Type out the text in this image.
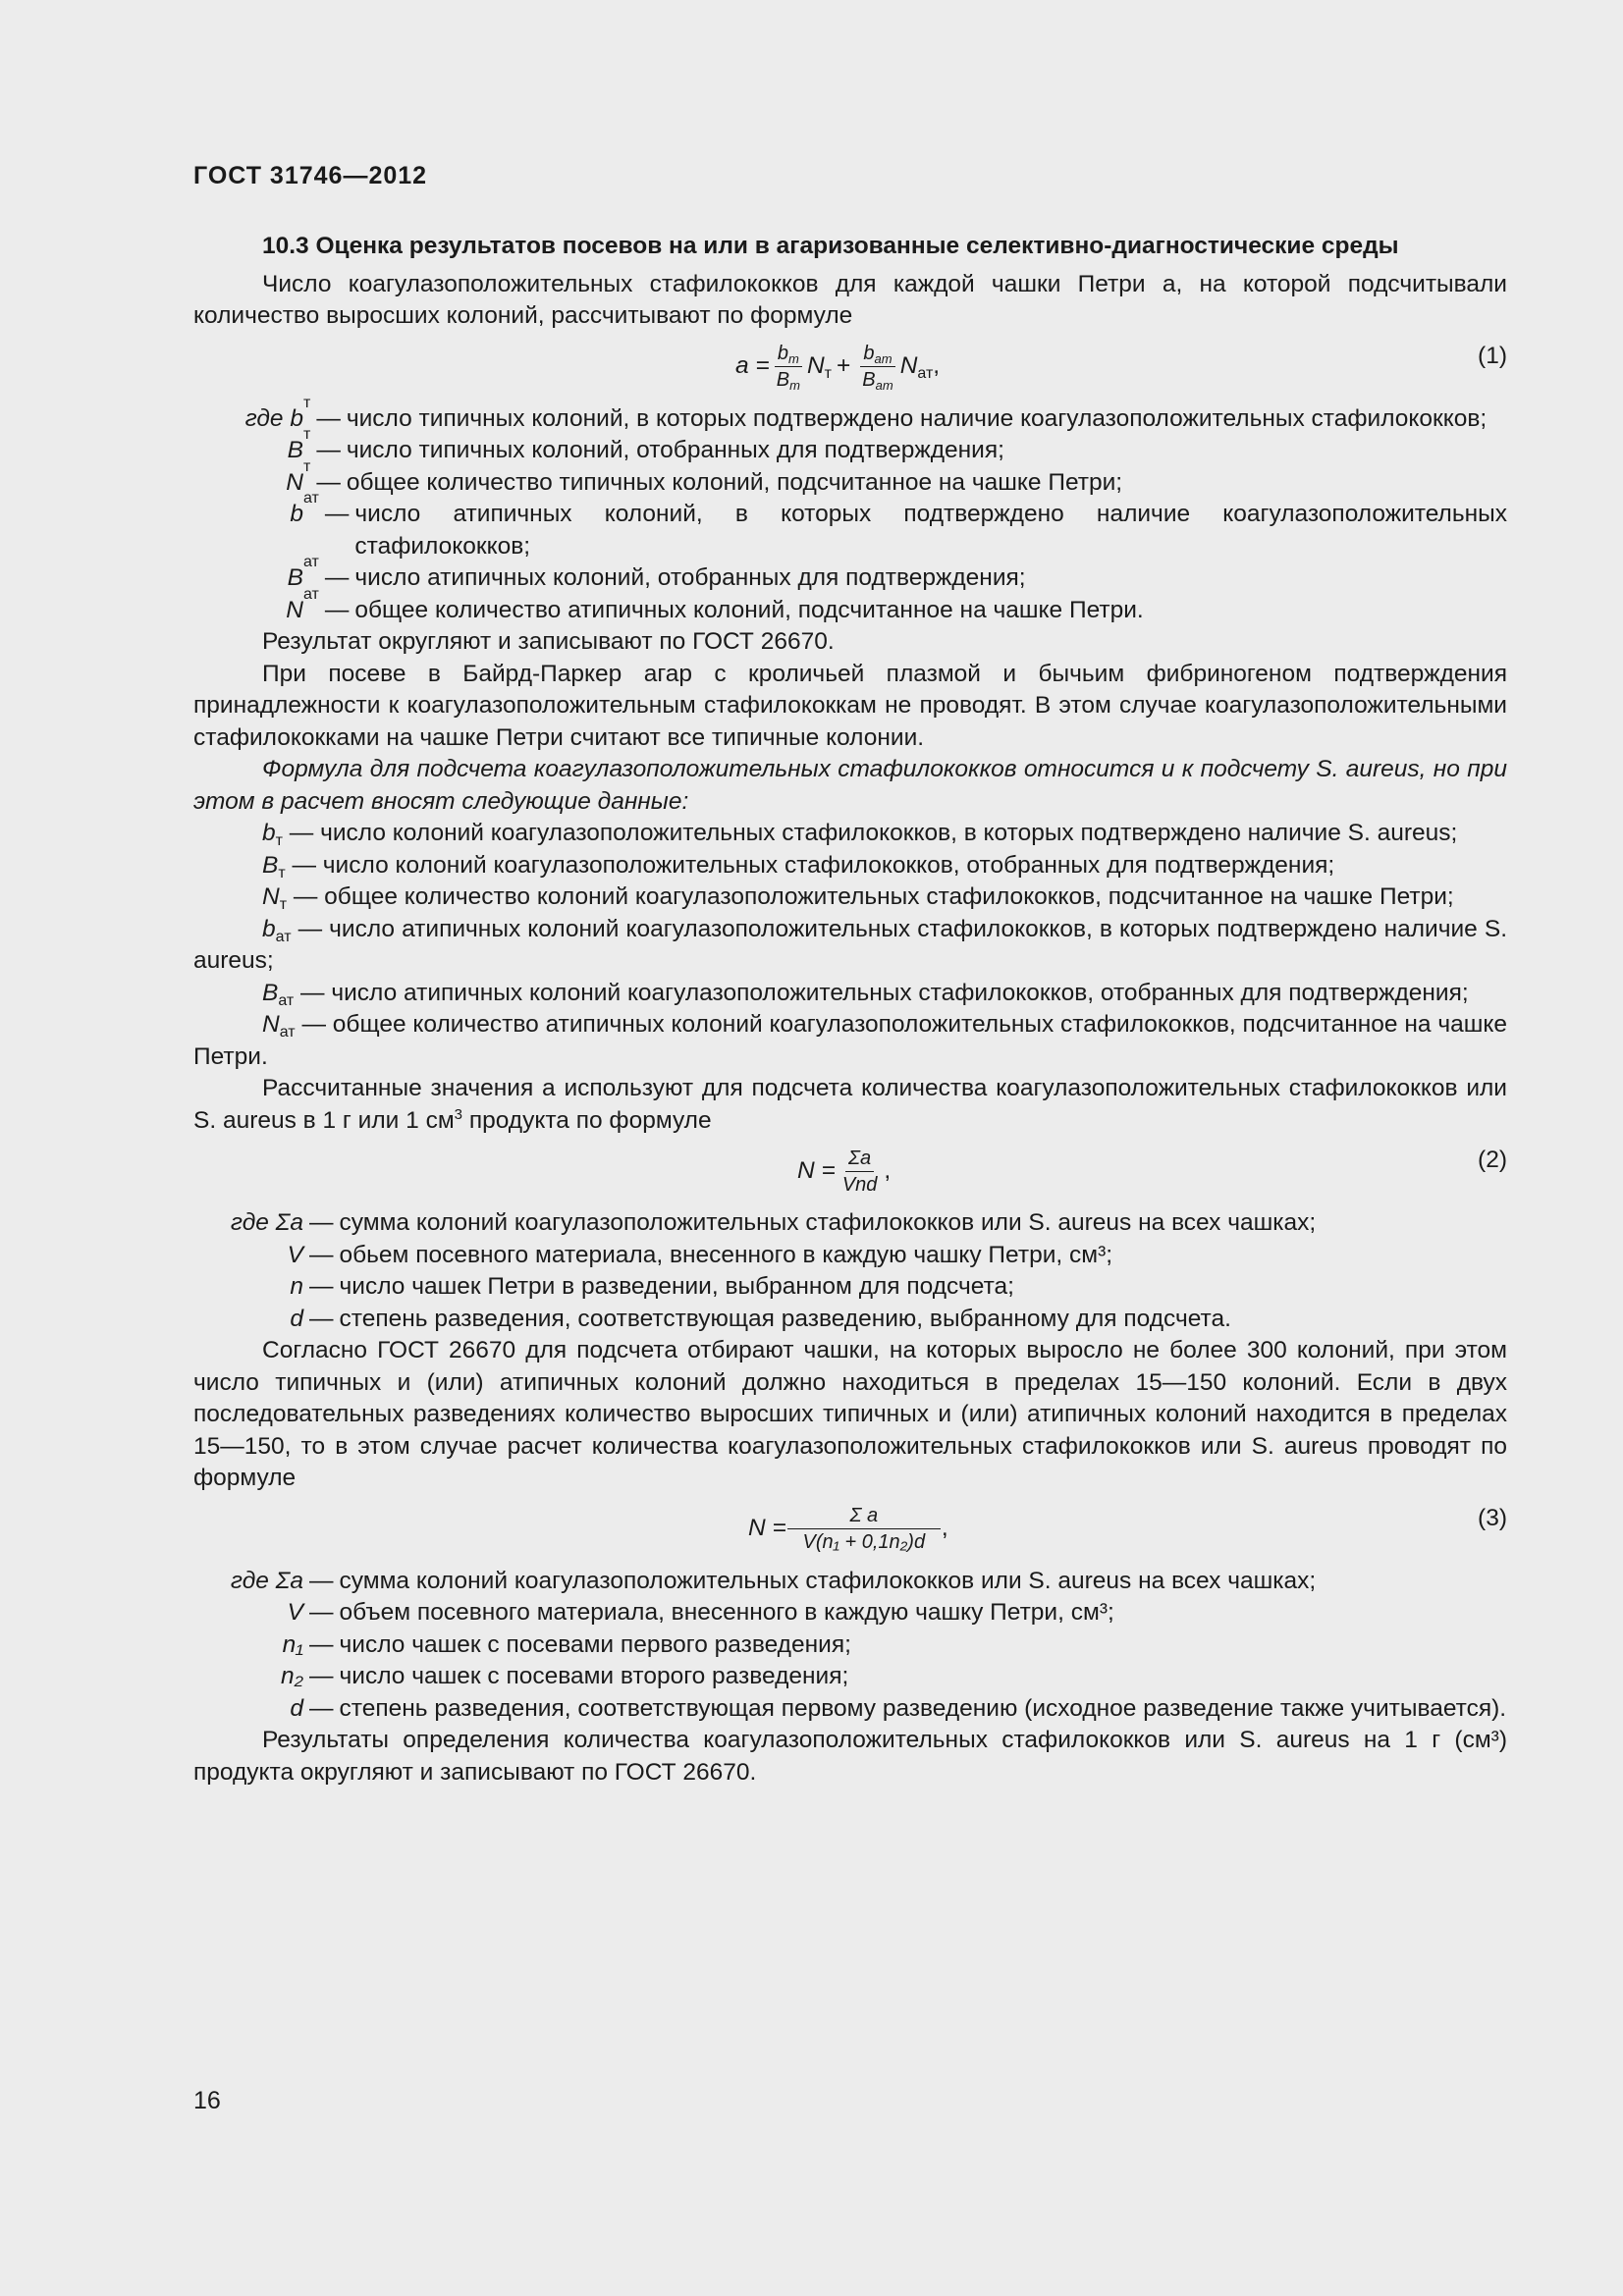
ГОСТ 31746—2012

10.3 Оценка результатов посевов на или в агаризованные селективно-диагностические среды

Число коагулазоположительных стафилококков для каждой чашки Петри a, на которой подсчитывали количество выросших колоний, рассчитывают по формуле

$a = \frac{b_т}{B_т} N_т + \frac{b_{ат}}{B_{ат}} N_{ат}$,	(1)
где b
т
— число типичных колоний, в которых подтверждено наличие коагулазоположительных стафилококков;
B
т
— число типичных колоний, отобранных для подтверждения;
N
т
— общее количество типичных колоний, подсчитанное на чашке Петри;
b
ат
— число атипичных колоний, в которых подтверждено наличие коагулазоположительных стафилококков;
B
ат
— число атипичных колоний, отобранных для подтверждения;
N
ат
— общее количество атипичных колоний, подсчитанное на чашке Петри.

Результат округляют и записывают по ГОСТ 26670.

При посеве в Байрд-Паркер агар с кроличьей плазмой и бычьим фибриногеном подтверждения принадлежности к коагулазоположительным стафилококкам не проводят. В этом случае коагулазоположительными стафилококками на чашке Петри считают все типичные колонии.

Формула для подсчета коагулазоположительных стафилококков относится и к подсчету S. aureus, но при этом в расчет вносят следующие данные:

$b_т$ — число колоний коагулазоположительных стафилококков, в которых подтверждено наличие S. aureus;

$B_т$ — число колоний коагулазоположительных стафилококков, отобранных для подтверждения;

$N_т$ — общее количество колоний коагулазоположительных стафилококков, подсчитанное на чашке Петри;

$b_{ат}$ — число атипичных колоний коагулазоположительных стафилококков, в которых подтверждено наличие S. aureus;

$B_{ат}$ — число атипичных колоний коагулазоположительных стафилококков, отобранных для подтверждения;

$N_{ат}$ — общее количество атипичных колоний коагулазоположительных стафилококков, подсчитанное на чашке Петри.

Рассчитанные значения a используют для подсчета количества коагулазоположительных стафилококков или S. aureus в 1 г или 1 $см^3$ продукта по формуле

$N = \frac{\Sigma a}{\text{Vnd}}$ ,	(2)
где Σa — сумма колоний коагулазоположительных стафилококков или S. aureus на всех чашках;
V — обьем посевного материала, внесенного в каждую чашку Петри, см³;
n — число чашек Петри в разведении, выбранном для подсчета;
d — степень разведения, соответствующая разведению, выбранному для подсчета.

Согласно ГОСТ 26670 для подсчета отбирают чашки, на которых выросло не более 300 колоний, при этом число типичных и (или) атипичных колоний должно находиться в пределах 15—150 колоний. Если в двух последовательных разведениях количество выросших типичных и (или) атипичных колоний находится в пределах 15—150, то в этом случае расчет количества коагулазоположительных стафилококков или S. aureus проводят по формуле

$N = \frac{\text{Σ a}}{\text{V(n₁ + 0,1n₂)d}}$ ,	(3)
где Σa — сумма колоний коагулазоположительных стафилококков или S. aureus на всех чашках;
V — объем посевного материала, внесенного в каждую чашку Петри, см³;
n₁ — число чашек с посевами первого разведения;
n₂ — число чашек с посевами второго разведения;
d — степень разведения, соответствующая первому разведению (исходное разведение также учитывается).

Результаты определения количества коагулазоположительных стафилококков или S. aureus на 1 г (см³) продукта округляют и записывают по ГОСТ 26670.

16
